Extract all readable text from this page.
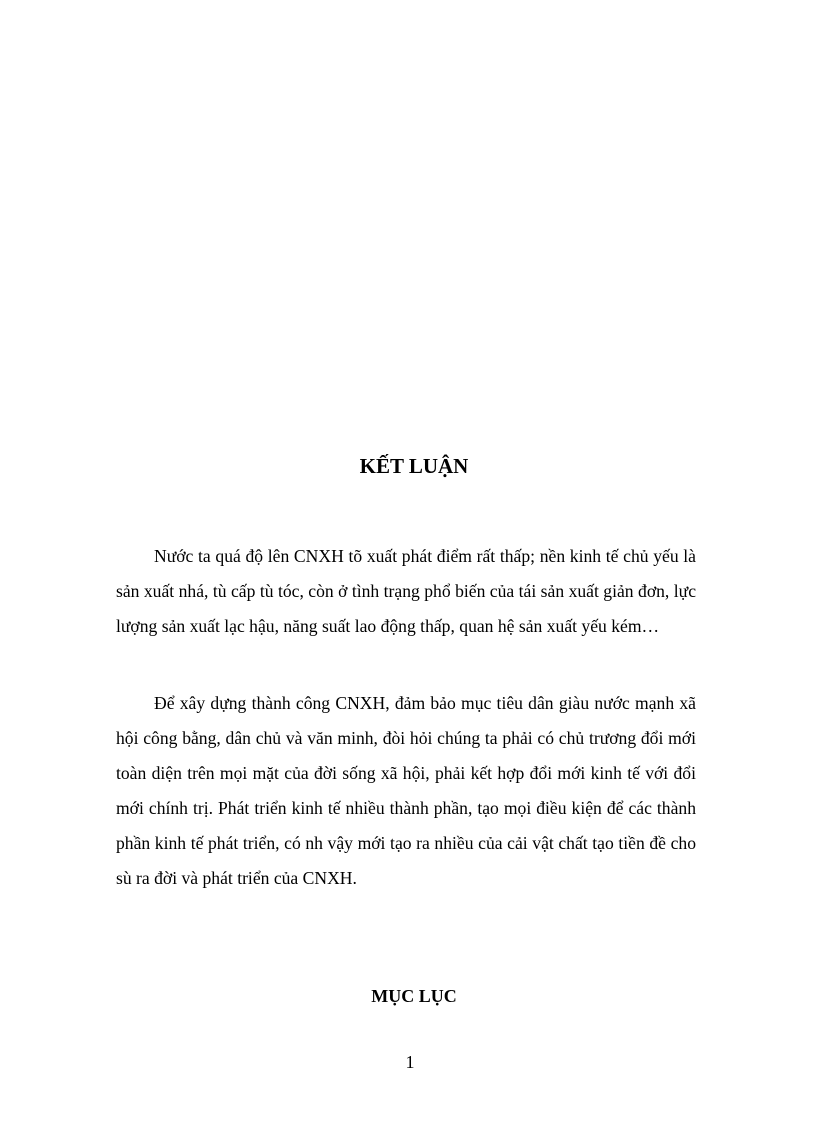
KẾT LUẬN

Nước ta quá độ lên CNXH tõ xuất phát điểm rất thấp; nền kinh tế chủ yếu là sản xuất nhá, tù cấp tù tóc, còn ở tình trạng phổ biến của tái sản xuất giản đơn, lực lượng sản xuất lạc hậu, năng suất lao động thấp, quan hệ sản xuất yếu kém…

Để xây dựng thành công CNXH, đảm bảo mục tiêu dân giàu nước mạnh xã hội công bằng, dân chủ và văn minh, đòi hỏi chúng ta phải có chủ trương đổi mới toàn diện trên mọi mặt của đời sống xã hội, phải kết hợp đổi mới kinh tế với đổi mới chính trị. Phát triển kinh tế nhiều thành phần, tạo mọi điều kiện để các thành phần kinh tế phát triển, có nh vậy mới tạo ra nhiều của cải vật chất tạo tiền đề cho sù ra đời và phát triển của CNXH.

MỤC LỤC
1
